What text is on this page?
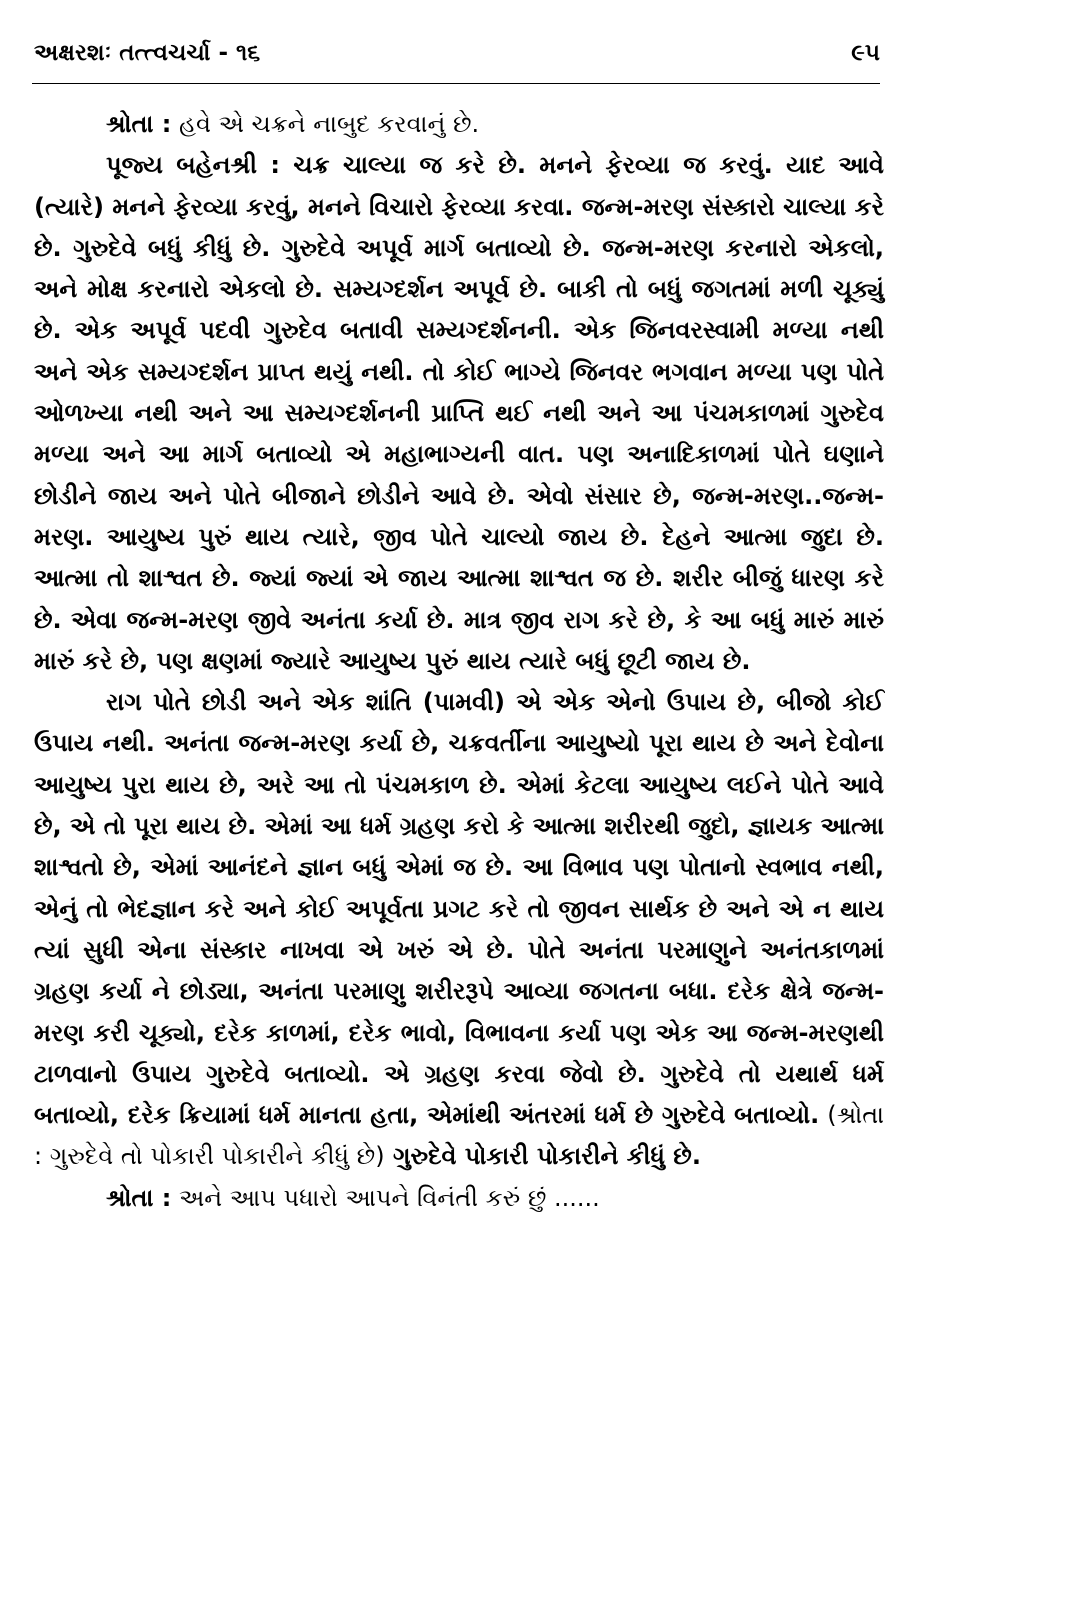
અક્ષરશઃ તત્ત્વચર્ચા - ૧૬	૯૫

શ્રોતા : હવે એ ચક્રને નાબુદ કરવાનું છે.

પૂજ્ય બહેનશ્રી : ચક્ર ચાલ્યા જ કરે છે. મનને ફેરવ્યા જ કરવું. યાદ આવે (ત્યારે) મનને ફેરવ્યા કરવું, મનને વિચારો ફેરવ્યા કરવા. જન્મ-મરણ સંસ્કારો ચાલ્યા કરે છે. ગુરુદેવે બધું કીધું છે. ગુરુદેવે અપૂર્વ માર્ગ બતાવ્યો છે. જન્મ-મરણ કરનારો એકલો, અને મોક્ષ કરનારો એકલો છે. સમ્યગ્દર્શન અપૂર્વ છે. બાકી તો બધું જગતમાં મળી ચૂક્યું છે. એક અપૂર્વ પદવી ગુરુદેવ બતાવી સમ્યગ્દર્શનની. એક જિનવરસ્વામી મળ્યા નથી અને એક સમ્યગ્દર્શન પ્રાપ્ત થયું નથી. તો કોઈ ભાગ્યે જિનવર ભગવાન મળ્યા પણ પોતે ઓળખ્યા નથી અને આ સમ્યગ્દર્શનની પ્રાપ્તિ થઈ નથી અને આ પંચમકાળમાં ગુરુદેવ મળ્યા અને આ માર્ગ બતાવ્યો એ મહાભાગ્યની વાત. પણ અનાદિકાળમાં પોતે ઘણાને છોડીને જાય અને પોતે બીજાને છોડીને આવે છે. એવો સંસાર છે, જન્મ-મરણ..જન્મ-મરણ. આયુષ્ય પુરું થાય ત્યારે, જીવ પોતે ચાલ્યો જાય છે. દેહને આત્મા જુદા છે. આત્મા તો શાશ્વત છે. જ્યાં જ્યાં એ જાય આત્મા શાશ્વત જ છે. શરીર બીજું ધારણ કરે છે. એવા જન્મ-મરણ જીવે અનંતા કર્યા છે. માત્ર જીવ રાગ કરે છે, કે આ બધું મારું મારું મારું કરે છે, પણ ક્ષણમાં જ્યારે આયુષ્ય પુરું થાય ત્યારે બધું છૂટી જાય છે.

રાગ પોતે છોડી અને એક શાંતિ (પામવી) એ એક એનો ઉપાય છે, બીજો કોઈ ઉપાય નથી. અનંતા જન્મ-મરણ કર્યા છે, ચક્રવર્તીના આયુષ્યો પૂરા થાય છે અને દેવોના આયુષ્ય પુરા થાય છે, અરે આ તો પંચમકાળ છે. એમાં કેટલા આયુષ્ય લઈને પોતે આવે છે, એ તો પૂરા થાય છે. એમાં આ ધર્મ ગ્રહણ કરો કે આત્મા શરીરથી જુદો, જ્ઞાયક આત્મા શાશ્વતો છે, એમાં આનંદને જ્ઞાન બધું એમાં જ છે. આ વિભાવ પણ પોતાનો સ્વભાવ નથી, એનું તો ભેદજ્ઞાન કરે અને કોઈ અપૂર્વતા પ્રગટ કરે તો જીવન સાર્થક છે અને એ ન થાય ત્યાં સુધી એના સંસ્કાર નાખવા એ ખરું એ છે. પોતે અનંતા પરમાણુને અનંતકાળમાં ગ્રહણ કર્યા ને છોડ્યા, અનંતા પરમાણુ શરીરરૂપે આવ્યા જગતના બધા. દરેક ક્ષેત્રે જન્મ-મરણ કરી ચૂક્યો, દરેક કાળમાં, દરેક ભાવો, વિભાવના કર્યા પણ એક આ જન્મ-મરણથી ટાળવાનો ઉપાય ગુરુદેવે બતાવ્યો. એ ગ્રહણ કરવા જેવો છે. ગુરુદેવે તો યથાર્થ ધર્મ બતાવ્યો, દરેક ક્રિયામાં ધર્મ માનતા હતા, એમાંથી અંતરમાં ધર્મ છે ગુરુદેવે બતાવ્યો. (શ્રોતા : ગુરુદેવે તો પોકારી પોકારીને કીધું છે) ગુરુદેવે પોકારી પોકારીને કીધું છે.

શ્રોતા : અને આપ પધારો આપને વિનંતી કરું છું ......
